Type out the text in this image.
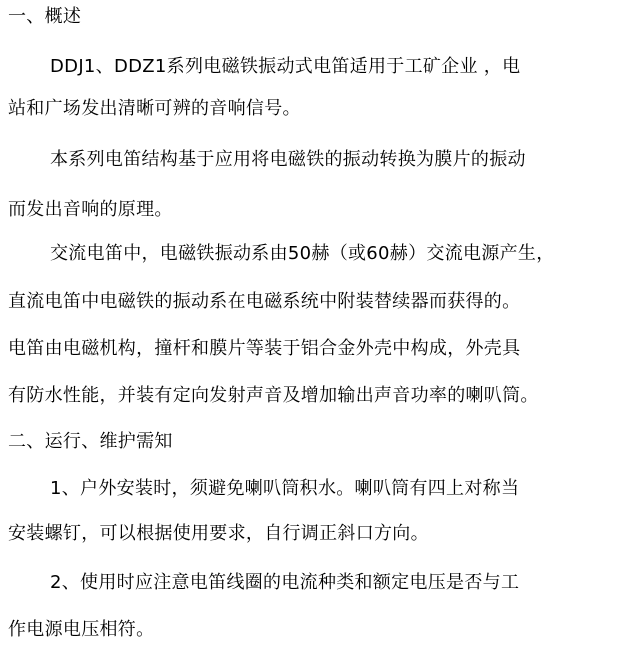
一、概述
DDJ1、DDZ1系列电磁铁振动式电笛适用于工矿企业 ，电
站和广场发出清晰可辨的音响信号。
本系列电笛结构基于应用将电磁铁的振动转换为膜片的振动
而发出音响的原理。
交流电笛中，电磁铁振动系由50赫（或60赫）交流电源产生，
直流电笛中电磁铁的振动系在电磁系统中附装替续器而获得的。
电笛由电磁机构，撞杆和膜片等装于铝合金外壳中构成，外壳具
有防水性能，并装有定向发射声音及增加输出声音功率的喇叭筒。
二、运行、维护需知
1、户外安装时，须避免喇叭筒积水。喇叭筒有四上对称当
安装螺钉，可以根据使用要求，自行调正斜口方向。
2、使用时应注意电笛线圈的电流种类和额定电压是否与工
作电源电压相符。
